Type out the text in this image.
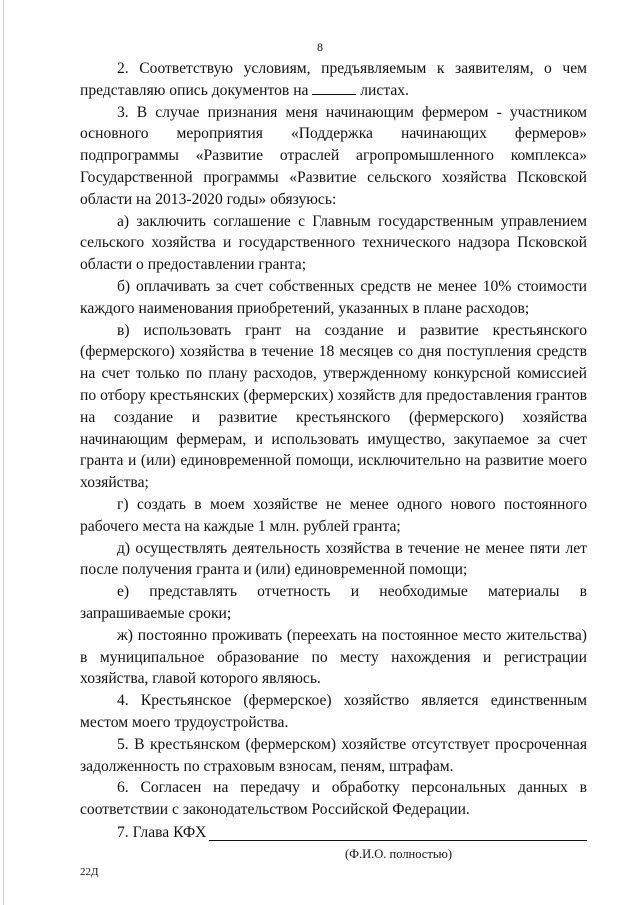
8

2. Соответствую условиям, предъявляемым к заявителям, о чем представляю опись документов на	листах.

3. В случае признания меня начинающим фермером - участником основного мероприятия «Поддержка начинающих фермеров» подпрограммы «Развитие отраслей агропромышленного комплекса» Государственной программы «Развитие сельского хозяйства Псковской области на 2013-2020 годы» обязуюсь:

а) заключить соглашение с Главным государственным управлением сельского хозяйства и государственного технического надзора Псковской области о предоставлении гранта;

б) оплачивать за счет собственных средств не менее 10% стоимости каждого наименования приобретений, указанных в плане расходов;

в) использовать грант на создание и развитие крестьянского (фермерского) хозяйства в течение 18 месяцев со дня поступления средств на счет только по плану расходов, утвержденному конкурсной комиссией по отбору крестьянских (фермерских) хозяйств для предоставления грантов на создание и развитие крестьянского (фермерского) хозяйства начинающим фермерам, и использовать имущество, закупаемое за счет гранта и (или) единовременной помощи, исключительно на развитие моего хозяйства;

г) создать в моем хозяйстве не менее одного нового постоянного рабочего места на каждые 1 млн. рублей гранта;

д) осуществлять деятельность хозяйства в течение не менее пяти лет после получения гранта и (или) единовременной помощи;

е) представлять отчетность и необходимые материалы в запрашиваемые сроки;

ж) постоянно проживать (переехать на постоянное место жительства) в муниципальное образование по месту нахождения и регистрации хозяйства, главой которого являюсь.

4. Крестьянское (фермерское) хозяйство является единственным местом моего трудоустройства.

5. В крестьянском (фермерском) хозяйстве отсутствует просроченная задолженность по страховым взносам, пеням, штрафам.

6. Согласен на передачу и обработку персональных данных в соответствии с законодательством Российской Федерации.

7. Глава КФХ
(Ф.И.О. полностью)
22Д
